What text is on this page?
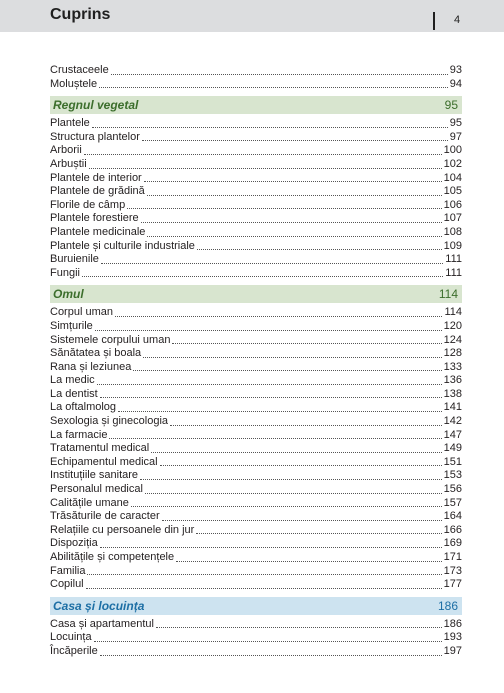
Cuprins	4
Crustaceele	93
Moluștele	94
Regnul vegetal	95
Plantele	95
Structura plantelor	97
Arborii	100
Arbuștii	102
Plantele de interior	104
Plantele de grădină	105
Florile de câmp	106
Plantele forestiere	107
Plantele medicinale	108
Plantele și culturile industriale	109
Buruienile	111
Fungii	111
Omul	114
Corpul uman	114
Simțurile	120
Sistemele corpului uman	124
Sănătatea și boala	128
Rana și leziunea	133
La medic	136
La dentist	138
La oftalmolog	141
Sexologia și ginecologia	142
La farmacie	147
Tratamentul medical	149
Echipamentul medical	151
Instituțiile sanitare	153
Personalul medical	156
Calitățile umane	157
Trăsăturile de caracter	164
Relațiile cu persoanele din jur	166
Dispoziția	169
Abilitățile și competențele	171
Familia	173
Copilul	177
Casa și locuința	186
Casa și apartamentul	186
Locuința	193
Încăperile	197
